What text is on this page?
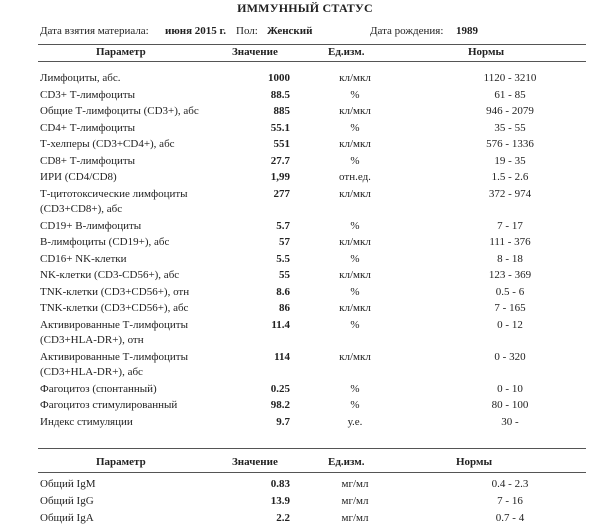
ИММУННЫЙ СТАТУС
Дата взятия материала: июня 2015 г. Пол: Женский	Дата рождения: 1989
Параметр	Значение	Ед.изм.	Нормы
Лимфоциты, абс.	1000	кл/мкл	1120 - 3210
CD3+ Т-лимфоциты	88.5	%	61 - 85
Общие Т-лимфоциты (CD3+), абс	885	кл/мкл	946 - 2079
CD4+ Т-лимфоциты	55.1	%	35 - 55
Т-хелперы (CD3+CD4+), абс	551	кл/мкл	576 - 1336
CD8+ Т-лимфоциты	27.7	%	19 - 35
ИРИ (CD4/CD8)	1,99	отн.ед.	1.5 - 2.6
Т-цитотоксические лимфоциты (CD3+CD8+), абс
277	кл/мкл	372 - 974
CD19+ В-лимфоциты	5.7	%	7 - 17
В-лимфоциты (CD19+), абс	57	кл/мкл	111 - 376
CD16+ NK-клетки	5.5	%	8 - 18
NK-клетки (CD3-CD56+), абс	55	кл/мкл	123 - 369
TNK-клетки (CD3+CD56+), отн	8.6	%	0.5 - 6
TNK-клетки (CD3+CD56+), абс	86	кл/мкл	7 - 165
Активированные Т-лимфоциты (CD3+HLA-DR+), отн
11.4	%	0 - 12
Активированные Т-лимфоциты (CD3+HLA-DR+), абс
114	кл/мкл	0 - 320
Фагоцитоз (спонтанный)	0.25	%	0 - 10
Фагоцитоз стимулированный	98.2	%	80 - 100
Индекс стимуляции	9.7	у.е.	30 -
Параметр	Значение	Ед.изм.	Нормы
Общий IgM	0.83	мг/мл	0.4 - 2.3
Общий IgG	13.9	мг/мл	7 - 16
Общий IgA	2.2	мг/мл	0.7 - 4
